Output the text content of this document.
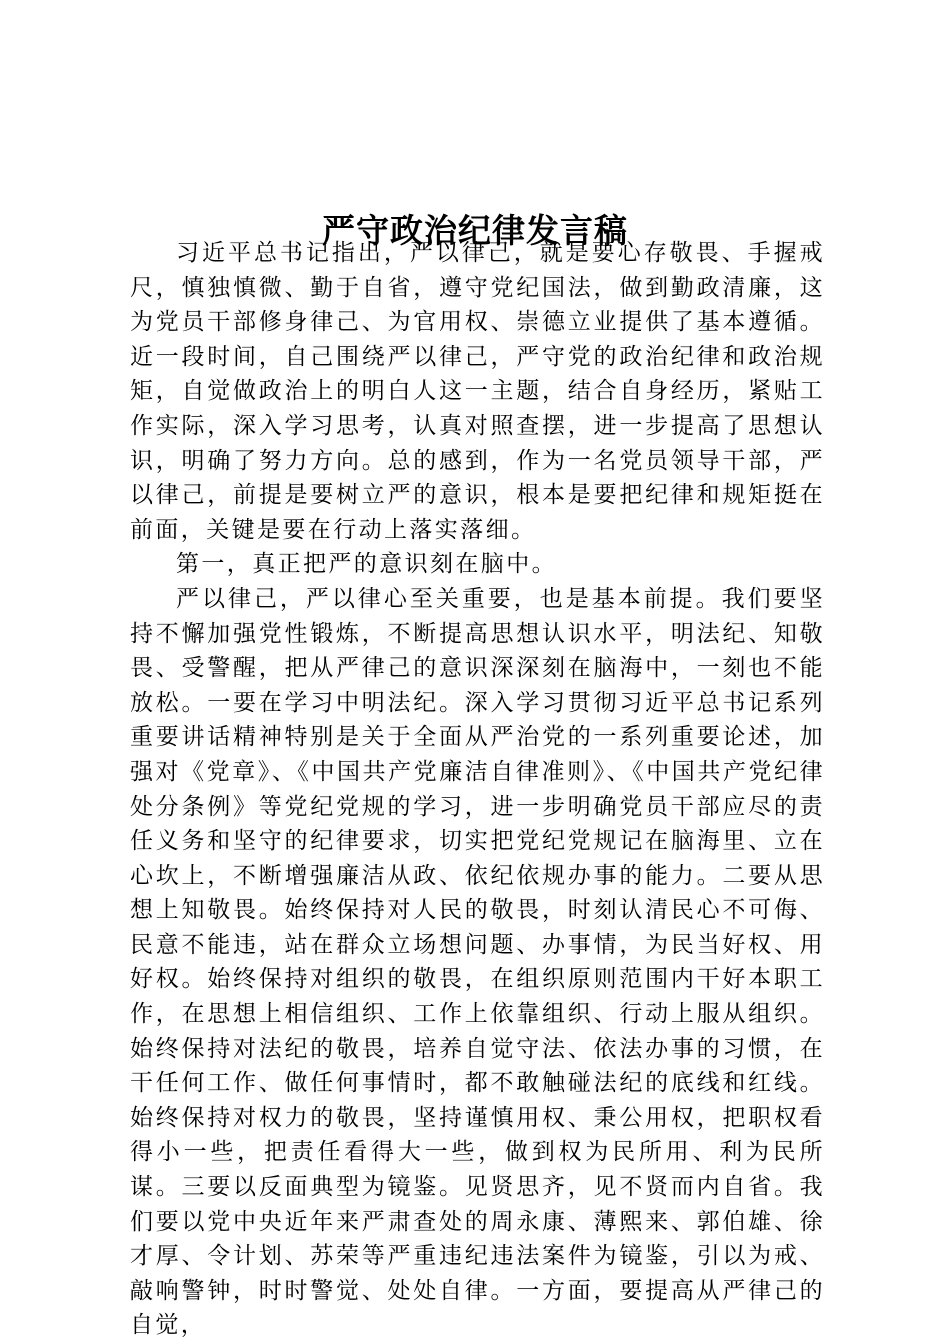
严守政治纪律发言稿

习近平总书记指出，严以律己，就是要心存敬畏、手握戒尺，慎独慎微、勤于自省，遵守党纪国法，做到勤政清廉，这为党员干部修身律己、为官用权、崇德立业提供了基本遵循。近一段时间，自己围绕严以律己，严守党的政治纪律和政治规矩，自觉做政治上的明白人这一主题，结合自身经历，紧贴工作实际，深入学习思考，认真对照查摆，进一步提高了思想认识，明确了努力方向。总的感到，作为一名党员领导干部，严以律己，前提是要树立严的意识，根本是要把纪律和规矩挺在前面，关键是要在行动上落实落细。

第一，真正把严的意识刻在脑中。

严以律己，严以律心至关重要，也是基本前提。我们要坚持不懈加强党性锻炼，不断提高思想认识水平，明法纪、知敬畏、受警醒，把从严律己的意识深深刻在脑海中，一刻也不能放松。一要在学习中明法纪。深入学习贯彻习近平总书记系列重要讲话精神特别是关于全面从严治党的一系列重要论述，加强对《党章》、《中国共产党廉洁自律准则》、《中国共产党纪律处分条例》等党纪党规的学习，进一步明确党员干部应尽的责任义务和坚守的纪律要求，切实把党纪党规记在脑海里、立在心坎上，不断增强廉洁从政、依纪依规办事的能力。二要从思想上知敬畏。始终保持对人民的敬畏，时刻认清民心不可侮、民意不能违，站在群众立场想问题、办事情，为民当好权、用好权。始终保持对组织的敬畏，在组织原则范围内干好本职工作，在思想上相信组织、工作上依靠组织、行动上服从组织。始终保持对法纪的敬畏，培养自觉守法、依法办事的习惯，在干任何工作、做任何事情时，都不敢触碰法纪的底线和红线。始终保持对权力的敬畏，坚持谨慎用权、秉公用权，把职权看得小一些，把责任看得大一些，做到权为民所用、利为民所谋。三要以反面典型为镜鉴。见贤思齐，见不贤而内自省。我们要以党中央近年来严肃查处的周永康、薄熙来、郭伯雄、徐才厚、令计划、苏荣等严重违纪违法案件为镜鉴，引以为戒、敲响警钟，时时警觉、处处自律。一方面，要提高从严律己的自觉，
